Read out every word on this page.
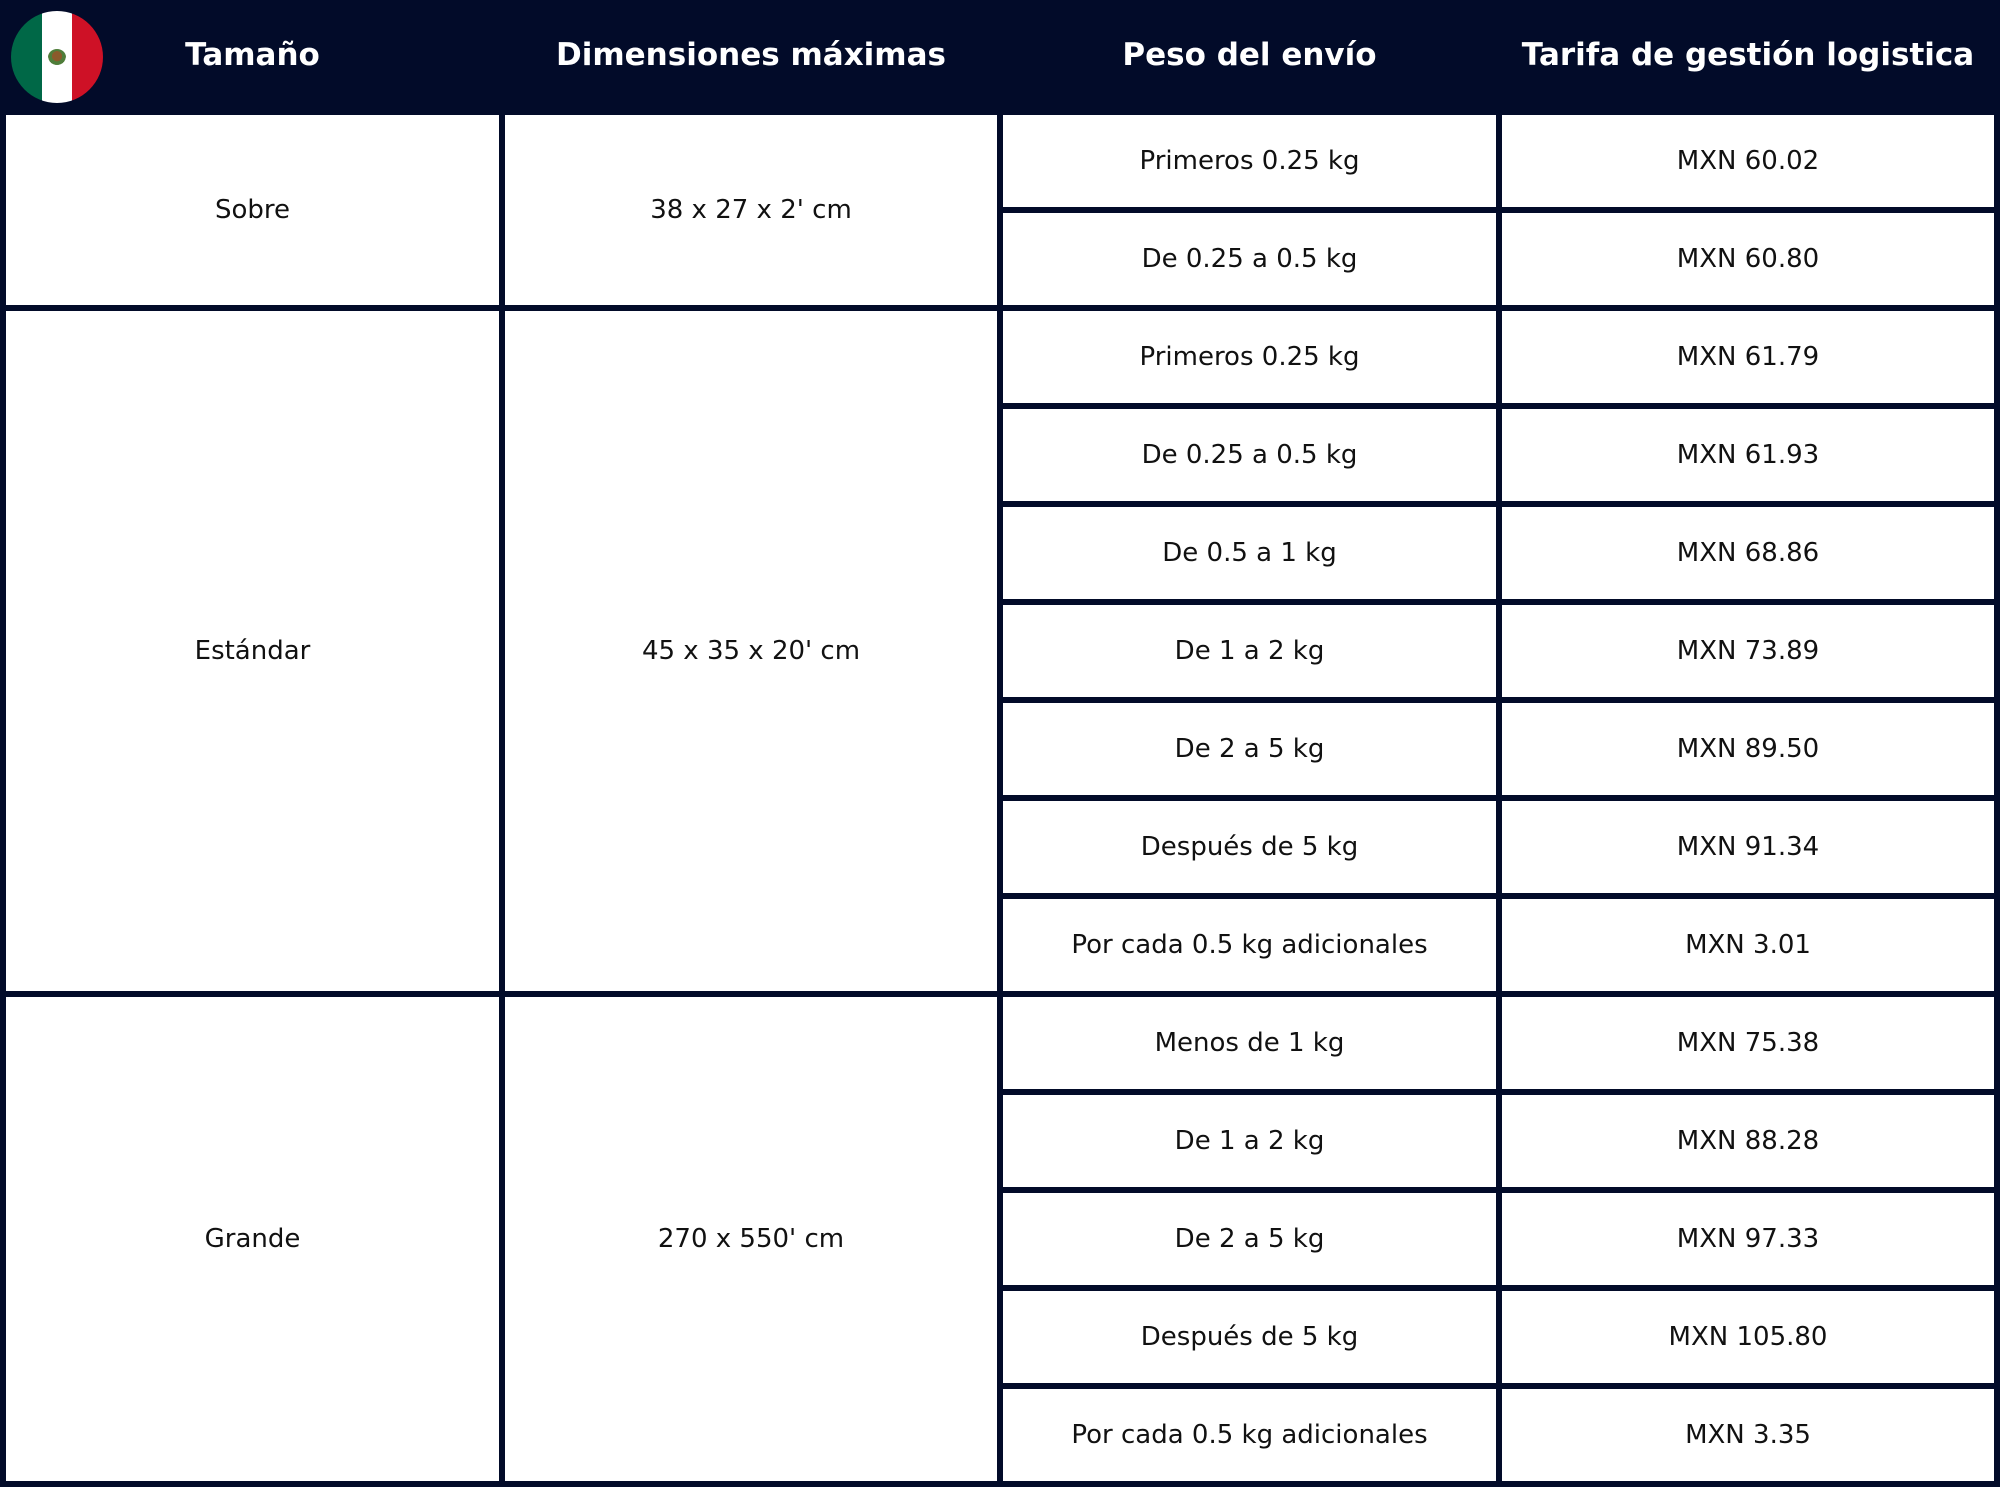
Tamaño	Dimensiones máximas	Peso del envío	Tarifa de gestión logistica
Sobre	38 x 27 x 2' cm
Primeros 0.25 kg	MXN 60.02
De 0.25 a 0.5 kg	MXN 60.80
Estándar	45 x 35 x 20' cm
Primeros 0.25 kg	MXN 61.79
De 0.25 a 0.5 kg	MXN 61.93
De 0.5 a 1 kg	MXN 68.86
De 1 a 2 kg	MXN 73.89
De 2 a 5 kg	MXN 89.50
Después de 5 kg	MXN 91.34
Por cada 0.5 kg adicionales	MXN 3.01
Grande	270 x 550' cm
Menos de 1 kg	MXN 75.38
De 1 a 2 kg	MXN 88.28
De 2 a 5 kg	MXN 97.33
Después de 5 kg	MXN 105.80
Por cada 0.5 kg adicionales	MXN 3.35
